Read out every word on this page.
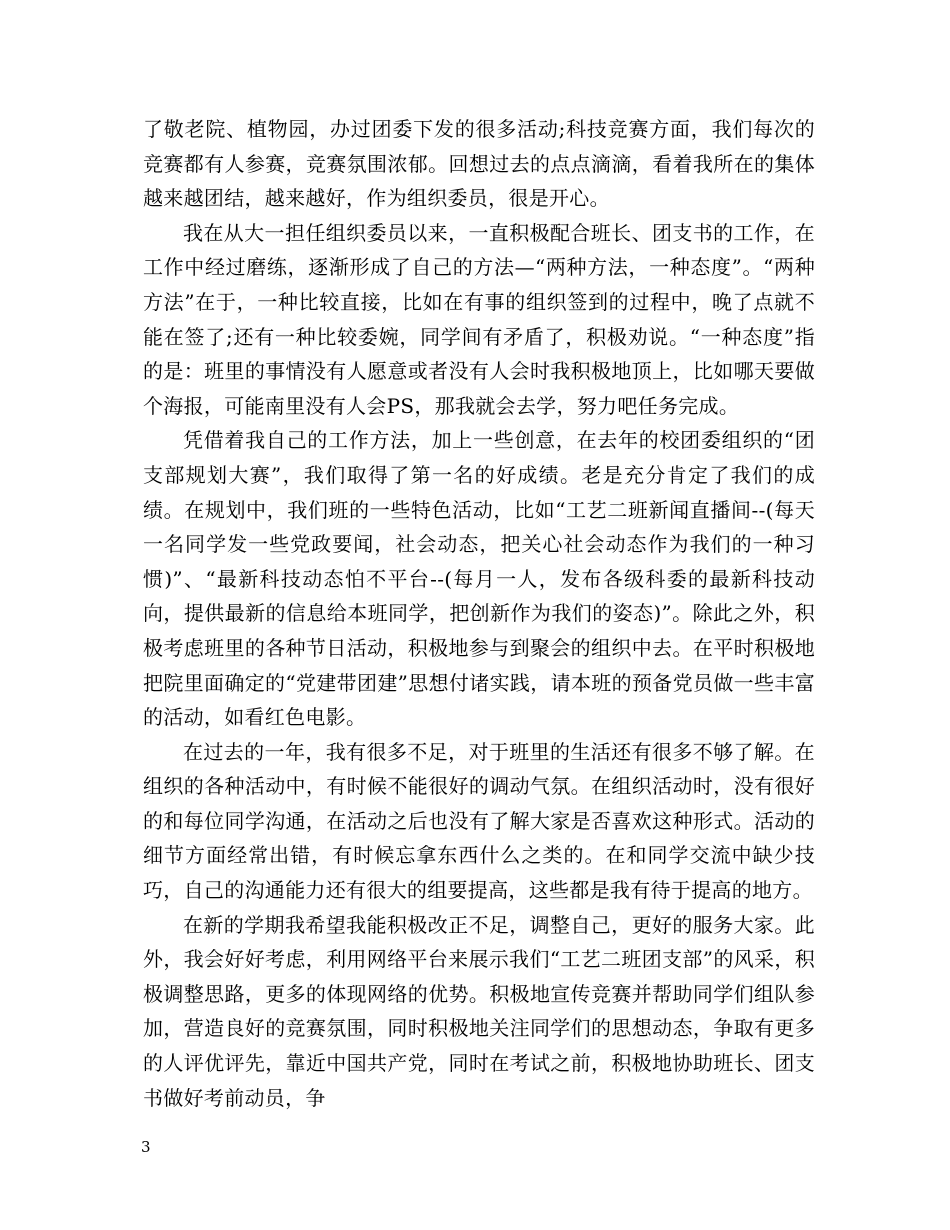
了敬老院、植物园，办过团委下发的很多活动;科技竞赛方面，我们每次的竞赛都有人参赛，竞赛氛围浓郁。回想过去的点点滴滴，看着我所在的集体越来越团结，越来越好，作为组织委员，很是开心。

我在从大一担任组织委员以来，一直积极配合班长、团支书的工作，在工作中经过磨练，逐渐形成了自己的方法—“两种方法，一种态度”。“两种方法”在于，一种比较直接，比如在有事的组织签到的过程中，晚了点就不能在签了;还有一种比较委婉，同学间有矛盾了，积极劝说。“一种态度”指的是：班里的事情没有人愿意或者没有人会时我积极地顶上，比如哪天要做个海报，可能南里没有人会PS，那我就会去学，努力吧任务完成。

凭借着我自己的工作方法，加上一些创意，在去年的校团委组织的“团支部规划大赛”，我们取得了第一名的好成绩。老是充分肯定了我们的成绩。在规划中，我们班的一些特色活动，比如“工艺二班新闻直播间--(每天一名同学发一些党政要闻，社会动态，把关心社会动态作为我们的一种习惯)”、“最新科技动态怕不平台--(每月一人，发布各级科委的最新科技动向，提供最新的信息给本班同学，把创新作为我们的姿态)”。除此之外，积极考虑班里的各种节日活动，积极地参与到聚会的组织中去。在平时积极地把院里面确定的“党建带团建”思想付诸实践，请本班的预备党员做一些丰富的活动，如看红色电影。

在过去的一年，我有很多不足，对于班里的生活还有很多不够了解。在组织的各种活动中，有时候不能很好的调动气氛。在组织活动时，没有很好的和每位同学沟通，在活动之后也没有了解大家是否喜欢这种形式。活动的细节方面经常出错，有时候忘拿东西什么之类的。在和同学交流中缺少技巧，自己的沟通能力还有很大的组要提高，这些都是我有待于提高的地方。

在新的学期我希望我能积极改正不足，调整自己，更好的服务大家。此外，我会好好考虑，利用网络平台来展示我们“工艺二班团支部”的风采，积极调整思路，更多的体现网络的优势。积极地宣传竞赛并帮助同学们组队参加，营造良好的竞赛氛围，同时积极地关注同学们的思想动态，争取有更多的人评优评先，靠近中国共产党，同时在考试之前，积极地协助班长、团支书做好考前动员，争

3
